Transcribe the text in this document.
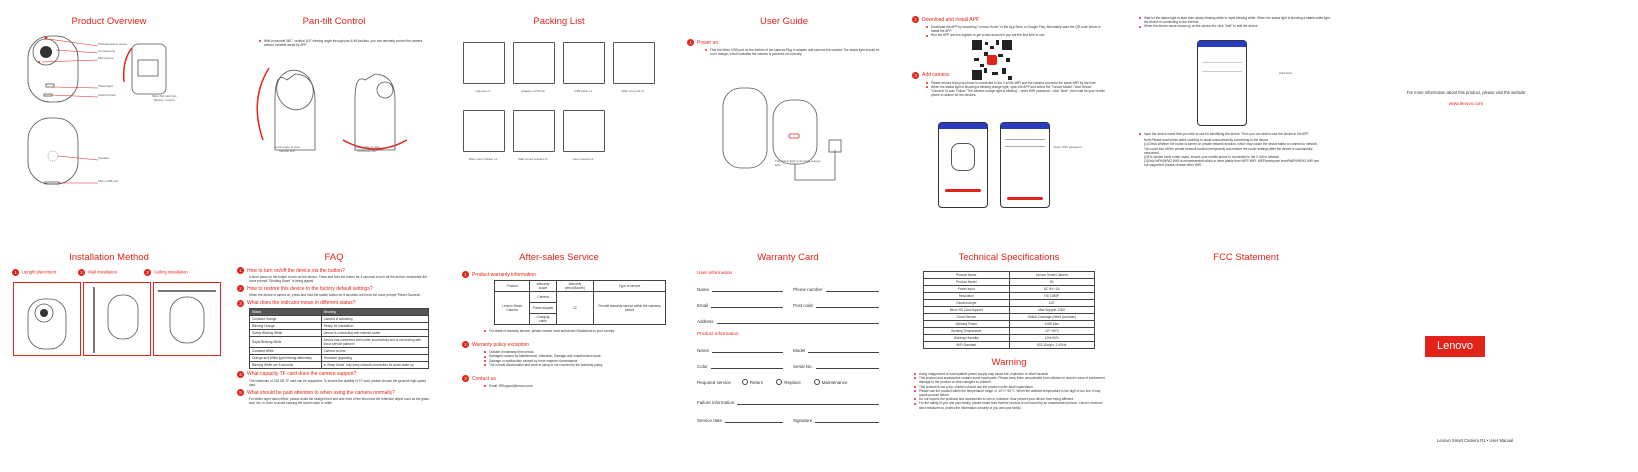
Product Overview
Photosensitive sensor
Camera lens
Microphone
Status light
Switch button
Speaker
Micro USB port
Micro SD card slot
(Bottom of lens)
Pan-tilt Control
With horizontal 360°, vertical 115° viewing angle through pan & tilt function, you can remotely control the camera without invisible areas by APP.
Look angle of view
vertical 115°
Look angle of view
horizontal 360°
Packing List
Camera x1	Adapter x1 5V/1A	USB cable x1	Wall mount kit x1
Wall mount sticker x1	Wall mount bracket x1	User manual x1
User Guide
1	Power on
Find the Micro USB port on the bottom of the camera.Plug in adapter and connect the camera.The status light should be on in orange, which indicates the camera is powered on correctly.
The status light is showing orange light
2	Download and install APP
Download the APP by searching "Lenovo Home" in the App Store or Google Play, Alternately scan the QR code below to install the APP.
Run the APP and the register to get a new account if you are the first time to use.
3	Add camera
Please ensure that your phone is connected to the 2.4GHz WiFi and the camera connects the same WiFi by the time.
When the status light is showing a blinking orange light, open the APP and select the "Device Model"-"Add Device"-"Camera" to add. Follow "The camera orange light is blinking" - enter WiFi password - click "Next", then wait for your mobile phone to search for the devices.
Enter WiFi password
Wait for the status light to start from slowly blinking white to rapid blinking white. When the status light is showing a stable white light, the device is connecting to the internet.
When the device name shows up on the device list, click "Add" to add the device.
Click Add
Input the device name that you wish to use for identifying the device. Then you can start to use the device in the APP.
Note:Please read below notes carefully to avoid unsuccessfully connecting to the device.
(1)Check whether the router is turned on private network function, which may cause the device failed to connect to network. You could turn off the private network function temporarily and restore the router settings after the device is successfully networked.
(2)For double band router users, ensure your mobile phone is connected to the 2.4GHz network.
(3)Only WPA/WPA2 WiFi is recommended which is more stable than WEP WiFi. WEP/enterprise level/WAPI/WPA3 WiFi are not supported, please choose other WiFi.
For more information about this product, please visit the website
www.lenovo.com
Installation Method
1 Upright placement	2 Wall installation	3 Ceiling installation
FAQ
1	How to turn on/off the device via the button?
A short press on the button to turn on the device, Press and hold the button for 3 seconds to turn off the device, meanwhile the voice prompt "Shutting Down" is being played.
2	How to restore this device to the factory default settings?
When the device is turned on, press and hold the switch button for 8 seconds until hear the voice prompt "Reset Success".
3	What does the indicator mean in different status?
Status	Meaning
Constant Orange	Camera is activating
Blinking Orange	Ready for installation
Slowly Blinking White	Device is connecting with Internet router
Rapid Blinking White	Device has connected with router successfully and is connecting with cloud service platform
Constant White	Camera on-line
Orange and White light blinking alternately	Firmware upgrading
Blinking White per 5 seconds	In Sleep Mode, only keep network connection for quick wake up
4	What capacity TF card does the camera support?
The maximum of 128 GB TF card can be supported. To ensure the stability of TF card, please choose the genuine high speed card.
5	What should be paid attention to when using the camera normally?
For better night vision effect, please avoid the straight front and side front of the lens near the reflective object such as the glass, wall, etc, in order to avoid causing the screen dark or white.
After-sales Service
1	Product warranty information
Product	Warranty scope	Warranty period(Month)	Type of service
Lenovo Smart Camera	Camera	12	Provide warranty service within the warranty period
	Power adapter		
	Charging cable		
For detail of warranty service, please contact local authorized Distributors in your country.
2	Warranty policy exception
Outside of warranty time period.
Damages caused by Maintenance, Alteration, Damage and unauthorized repair.
Damage or malfunction caused by force majeure circumstance.
The normal discoloration and wear in using is not covered by the warranty policy.
3	Contact us
Email: IRSupport@lenovo.com
Warranty Card
User information
Name	Phone number
Email	Post code
Address
Product information
Name	Model
Color	Serial No.
Required service	Return	Replace	Maintenance
Failure information
Service date	Signature
Technical Specifications
Product Name	Lenovo Smart Camera
Product Model	R1
Power Input	DC 5V⎓1A
Resolution	HD 1080P
Camera Angle	110°
Micro SD Card Support	Max Support 128G
Cloud Service	Global Coverage (Need purchase)
Working Power	3.6W Max
Working Temperature	-10°~50°C
Working Humidity	10%-90%
WiFi Standard	802.11b/g/n, 2.4GHz
Warning
Using unapproved or incompatible power supply may cause fire, explosion or other hazards.
This product and accessories contain some small parts. Please keep them untouchable from children to avoid in case of inadvertent damage to the product or other dangers to children.
This product is not a toy, children should use the product under adult supervision.
Please use the product within the temperature range of -10°C~50°C. When the ambient temperature is too high or too low, it may cause product failure.
Do not expose the products and accessories to rain or moisture, thus prevent your device from being affected.
For the safety of you and your family, please make sure that the product is not bound by an unauthorized person. Lenovo reserves strict measures to protect the information security of you and your family.
FCC Statement
Lenovo
Lenovo Smart Camera R1 • User Manual
